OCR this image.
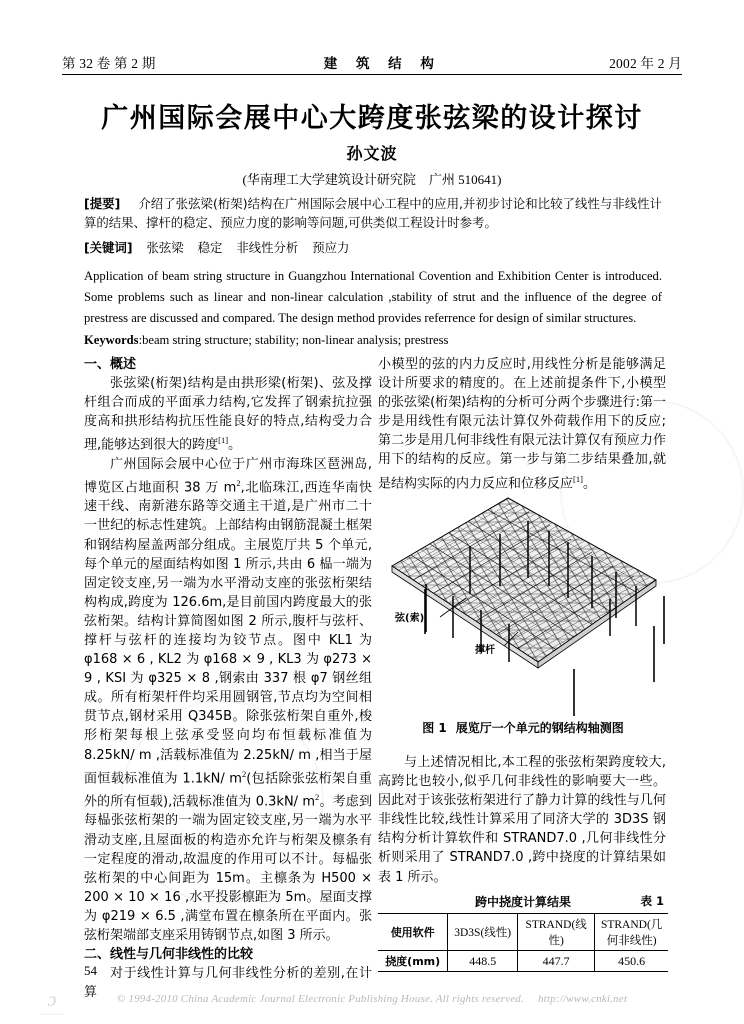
第 32 卷 第 2 期	建 筑 结 构	2002 年 2 月
广州国际会展中心大跨度张弦梁的设计探讨
孙文波
(华南理工大学建筑设计研究院　广州 510641)
[提要] 介绍了张弦梁(桁架)结构在广州国际会展中心工程中的应用,并初步讨论和比较了线性与非线性计算的结果、撑杆的稳定、预应力度的影响等问题,可供类似工程设计时参考。
[关键词] 张弦梁 稳定 非线性分析 预应力
Application of beam string structure in Guangzhou International Covention and Exhibition Center is introduced. Some problems such as linear and non-linear calculation ,stability of strut and the influence of the degree of prestress are discussed and compared. The design method provides referrence for design of similar structures.
Keywords:beam string structure; stability; non-linear analysis; prestress
一、概述

张弦梁(桁架)结构是由拱形梁(桁架)、弦及撑杆组合而成的平面承力结构,它发挥了钢索抗拉强度高和拱形结构抗压性能良好的特点,结构受力合理,能够达到很大的跨度[1]。

广州国际会展中心位于广州市海珠区琶洲岛,博览区占地面积 38 万 $m^2$,北临珠江,西连华南快速干线、南新港东路等交通主干道,是广州市二十一世纪的标志性建筑。上部结构由钢筋混凝土框架和钢结构屋盖两部分组成。主展览厅共 5 个单元,每个单元的屋面结构如图 1 所示,共由 6 榀一端为固定铰支座,另一端为水平滑动支座的张弦桁架结构构成,跨度为 126.6m,是目前国内跨度最大的张弦桁架。结构计算简图如图 2 所示,腹杆与弦杆、撑杆与弦杆的连接均为铰节点。图中 KL1 为 φ168 × 6 , KL2 为 φ168 × 9 , KL3 为 φ273 × 9 , KSI 为 φ325 × 8 ,钢索由 337 根 φ7 钢丝组成。所有桁架杆件均采用圆钢管,节点均为空间相贯节点,钢材采用 Q345B。除张弦桁架自重外,梭形桁架每根上弦承受竖向均布恒载标准值为 8.25kN/ m ,活载标准值为 2.25kN/ m ,相当于屋面恒载标准值为 1.1kN/ $m^2$(包括除张弦桁架自重外的所有恒载),活载标准值为 0.3kN/ $m^2$。考虑到每榀张弦桁架的一端为固定铰支座,另一端为水平滑动支座,且屋面板的构造亦允许与桁架及檩条有一定程度的滑动,故温度的作用可以不计。每榀张弦桁架的中心间距为 15m。主檩条为 H500 × 200 × 10 × 16 ,水平投影檩距为 5m。屋面支撑为 φ219 × 6.5 ,满堂布置在檩条所在平面内。张弦桁架端部支座采用铸钢节点,如图 3 所示。

二、线性与几何非线性的比较

对于线性计算与几何非线性分析的差别,在计算

小模型的弦的内力反应时,用线性分析是能够满足设计所要求的精度的。在上述前提条件下,小模型的张弦梁(桁架)结构的分析可分两个步骤进行:第一步是用线性有限元法计算仅外荷载作用下的反应;第二步是用几何非线性有限元法计算仅有预应力作用下的结构的反应。第一步与第二步结果叠加,就是结构实际的内力反应和位移反应[1]。

弦(索)
撑杆
图 1 展览厅一个单元的钢结构轴测图

与上述情况相比,本工程的张弦桁架跨度较大,高跨比也较小,似乎几何非线性的影响要大一些。因此对于该张弦桁架进行了静力计算的线性与几何非线性比较,线性计算采用了同济大学的 3D3S 钢结构分析计算软件和 STRAND7.0 ,几何非线性分析则采用了 STRAND7.0 ,跨中挠度的计算结果如表 1 所示。

跨中挠度计算结果	表 1
使用软件	3D3S(线性)	STRAND(线性)	STRAND(几何非线性)
挠度(mm)	448.5	447.7	450.6
54
ɔ
www.cnki.net
© 1994-2010 China Academic Journal Electronic Publishing House. All rights reserved. http://www.cnki.net
